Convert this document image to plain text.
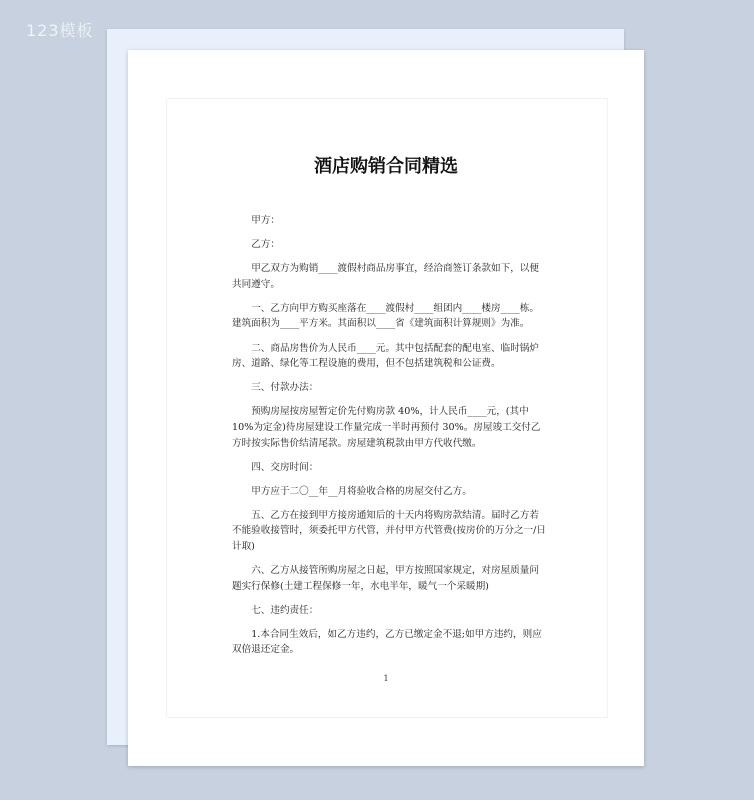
123模板
酒店购销合同精选

甲方：

乙方：

甲乙双方为购销____渡假村商品房事宜，经洽商签订条款如下，以便共同遵守。

一、乙方向甲方购买座落在____渡假村____组团内____楼房____栋。建筑面积为____平方米。其面积以____省《建筑面积计算规则》为准。

二、商品房售价为人民币____元。其中包括配套的配电室、临时锅炉房、道路、绿化等工程设施的费用，但不包括建筑税和公证费。

三、付款办法：

预购房屋按房屋暂定价先付购房款 40%，计人民币____元，(其中 10%为定金)待房屋建设工作量完成一半时再预付 30%。房屋竣工交付乙方时按实际售价结清尾款。房屋建筑税款由甲方代收代缴。

四、交房时间：

甲方应于二〇__年__月将验收合格的房屋交付乙方。

五、乙方在接到甲方接房通知后的十天内将购房款结清。届时乙方若不能验收接管时，须委托甲方代管，并付甲方代管费(按房价的万分之一/日计取)

六、乙方从接管所购房屋之日起，甲方按照国家规定，对房屋质量问题实行保修(土建工程保修一年，水电半年，暖气一个采暖期)

七、违约责任：

1.本合同生效后，如乙方违约，乙方已缴定金不退;如甲方违约，则应双倍退还定金。

1
